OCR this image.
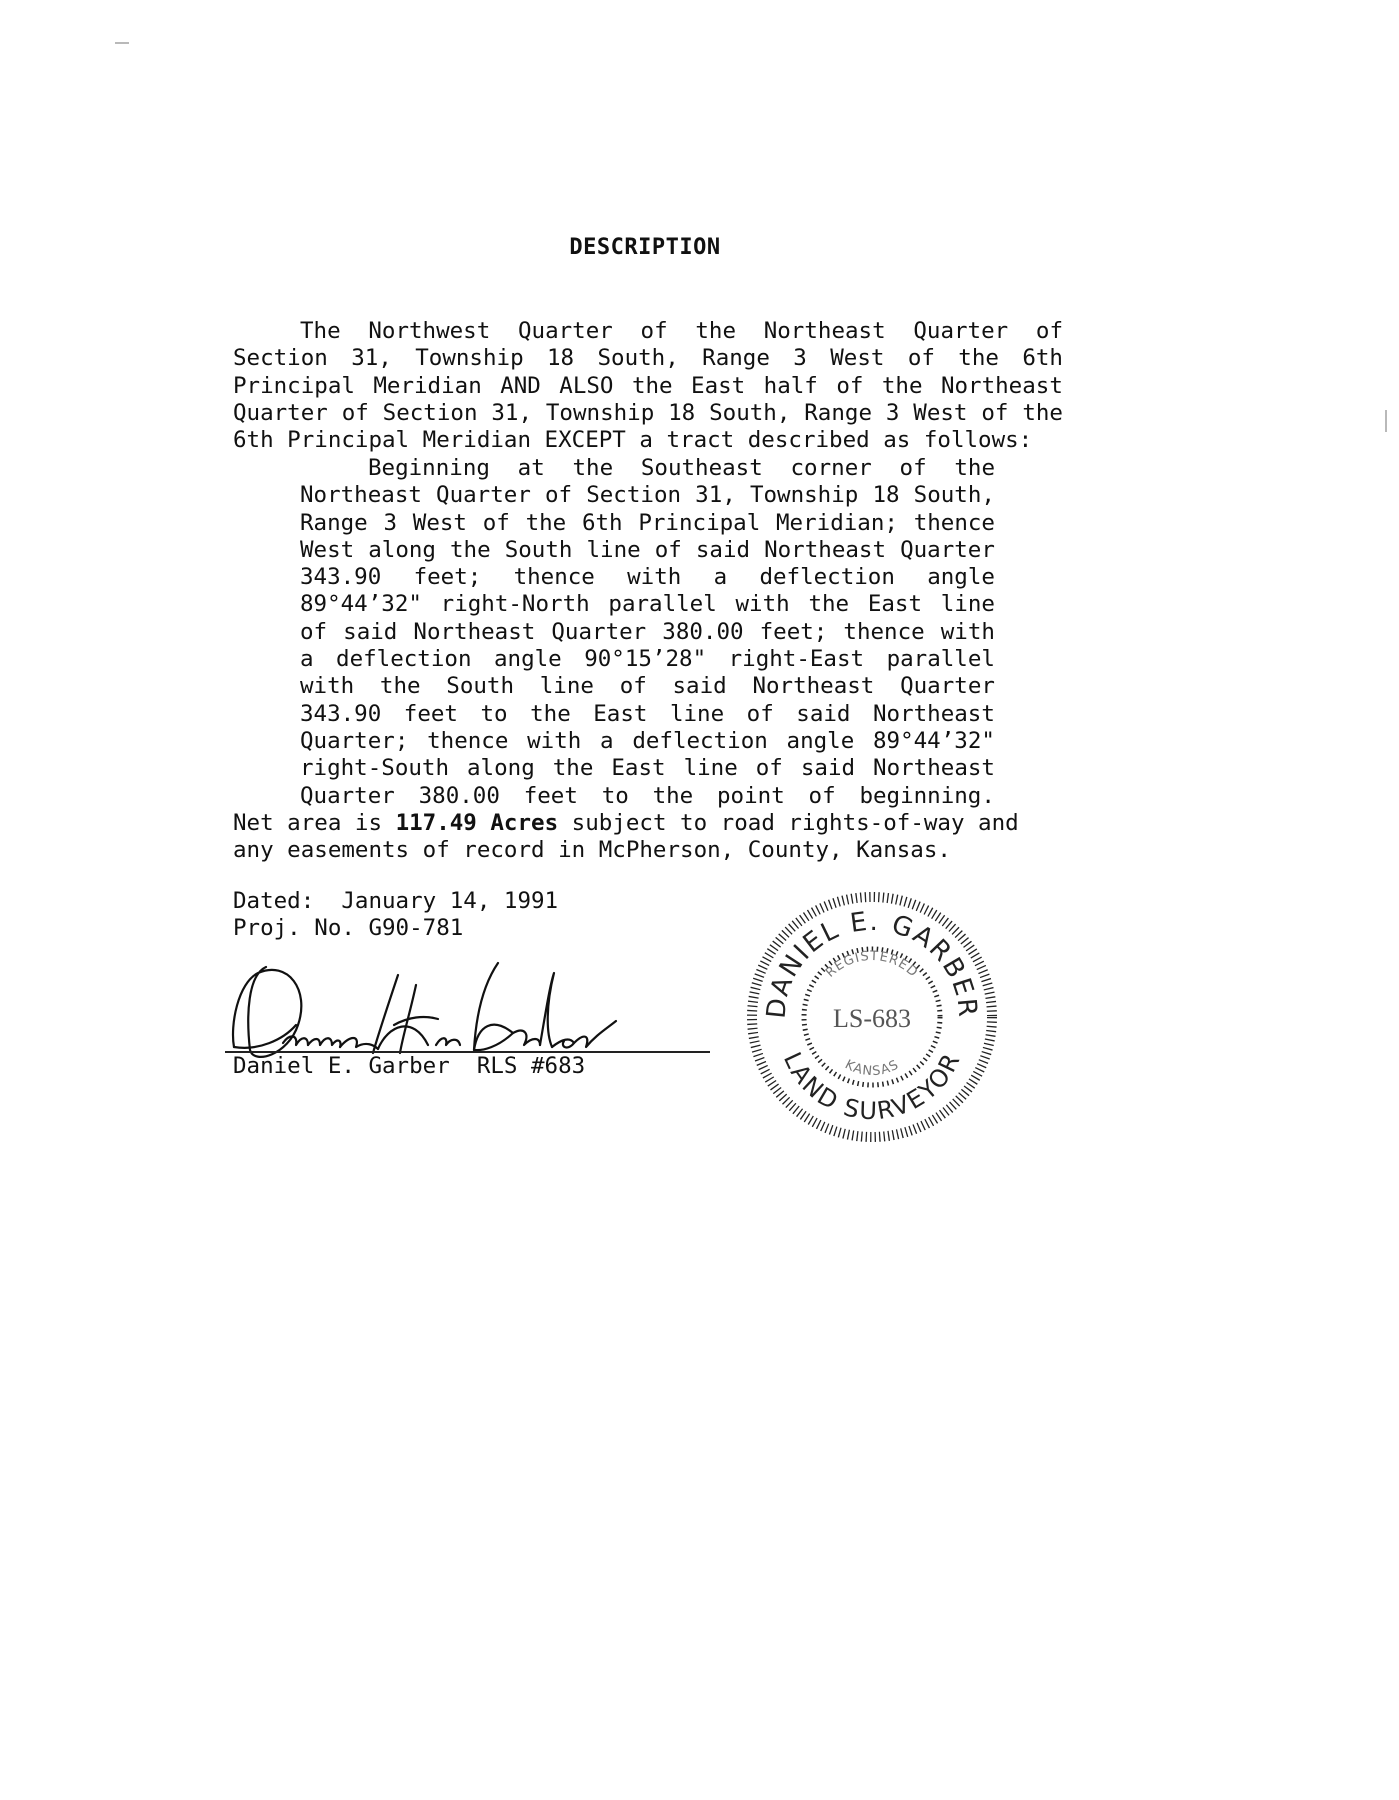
DESCRIPTION
The Northwest Quarter of the Northeast Quarter of
Section 31, Township 18 South, Range 3 West of the 6th
Principal Meridian AND ALSO the East half of the Northeast
Quarter of Section 31, Township 18 South, Range 3 West of the
6th Principal Meridian EXCEPT a tract described as follows:
Beginning at the Southeast corner of the
Northeast Quarter of Section 31, Township 18 South,
Range 3 West of the 6th Principal Meridian; thence
West along the South line of said Northeast Quarter
343.90 feet; thence with a deflection angle
89°44’32" right-North parallel with the East line
of said Northeast Quarter 380.00 feet; thence with
a deflection angle 90°15’28" right-East parallel
with the South line of said Northeast Quarter
343.90 feet to the East line of said Northeast
Quarter; thence with a deflection angle 89°44’32"
right-South along the East line of said Northeast
Quarter 380.00 feet to the point of beginning.
Net area is 117.49 Acres subject to road rights-of-way and
any easements of record in McPherson, County, Kansas.
Dated:  January 14, 1991
Proj. No. G90-781
Daniel E. Garber  RLS #683
DANIEL E. GARBER
LAND SURVEYOR
REGISTERED
KANSAS
LS-683
